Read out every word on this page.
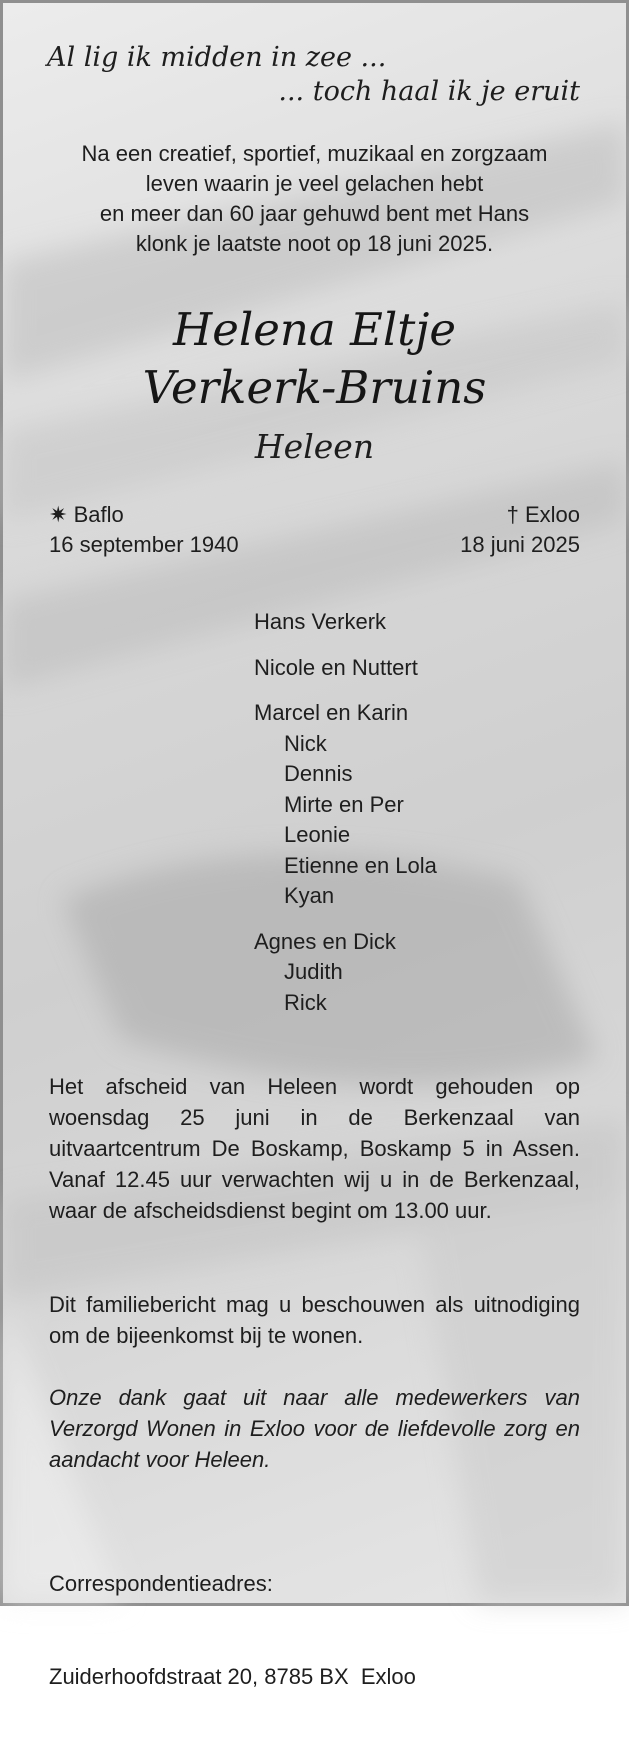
Al lig ik midden in zee ...
... toch haal ik je eruit
Na een creatief, sportief, muzikaal en zorgzaam
leven waarin je veel gelachen hebt
en meer dan 60 jaar gehuwd bent met Hans
klonk je laatste noot op 18 juni 2025.
Helena Eltje
Verkerk-Bruins
Heleen
✷ Baflo
16 september 1940
† Exloo
18 juni 2025
Hans Verkerk
Nicole en Nuttert
Marcel en Karin
Nick
Dennis
Mirte en Per
Leonie
Etienne en Lola
Kyan
Agnes en Dick
Judith
Rick
Het afscheid van Heleen wordt gehouden op woensdag 25 juni in de Berkenzaal van uitvaartcentrum De Boskamp, Boskamp 5 in Assen. Vanaf 12.45 uur verwachten wij u in de Berkenzaal, waar de afscheidsdienst begint om 13.00 uur.
Dit familiebericht mag u beschouwen als uitnodiging om de bijeenkomst bij te wonen.
Onze dank gaat uit naar alle medewerkers van Verzorgd Wonen in Exloo voor de liefdevolle zorg en aandacht voor Heleen.

Correspondentieadres:

Zuiderhoofdstraat 20, 8785 BX  Exloo
